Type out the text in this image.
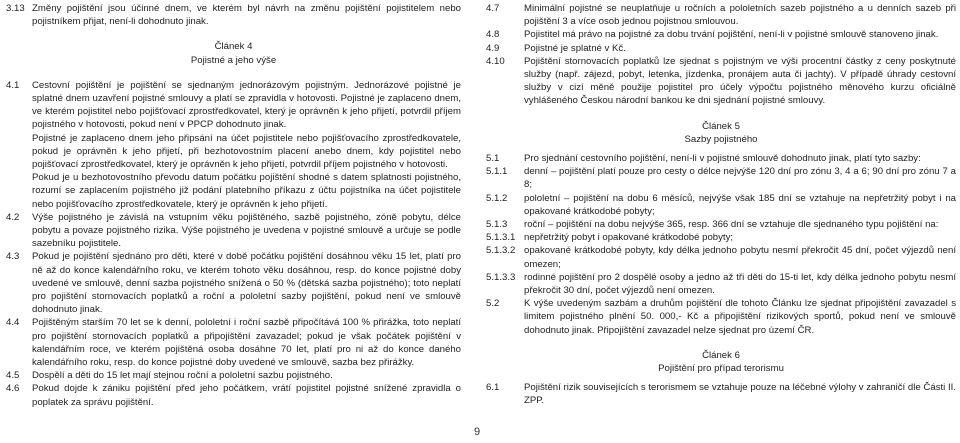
3.13 Změny pojištění jsou účinné dnem, ve kterém byl návrh na změnu pojištění pojistitelem nebo pojistníkem přijat, není-li dohodnuto jinak.
Článek 4
Pojistné a jeho výše
4.1	Cestovní pojištění je pojištění se sjednaným jednorázovým pojistným. Jednorázové pojistné je splatné dnem uzavření pojistné smlouvy a platí se zpravidla v hotovosti. Pojistné je zaplaceno dnem, ve kterém pojistitel nebo pojišťovací zprostředkovatel, který je oprávněn k jeho přijetí, potvrdil příjem pojistného v hotovosti, pokud není v PPCP dohodnuto jinak.
Pojistné je zaplaceno dnem jeho připsání na účet pojistitele nebo pojišťovacího zprostředkovatele, pokud je oprávněn k jeho přijetí, při bezhotovostním placení anebo dnem, kdy pojistitel nebo pojišťovací zprostředkovatel, který je oprávněn k jeho přijetí, potvrdil příjem pojistného v hotovosti.
Pokud je u bezhotovostního převodu datum počátku pojištění shodné s datem splatnosti pojistného, rozumí se zaplacením pojistného již podání platebního příkazu z účtu pojistníka na účet pojistitele nebo pojišťovacího zprostředkovatele, který je oprávněn k jeho přijetí.
4.2	Výše pojistného je závislá na vstupním věku pojištěného, sazbě pojistného, zóně pobytu, délce pobytu a povaze pojistného rizika. Výše pojistného je uvedena v pojistné smlouvě a určuje se podle sazebníku pojistitele.
4.3	Pokud je pojištění sjednáno pro děti, které v době počátku pojištění dosáhnou věku 15 let, platí pro ně až do konce kalendářního roku, ve kterém tohoto věku dosáhnou, resp. do konce pojistné doby uvedené ve smlouvě, denní sazba pojistného snížená o 50 % (dětská sazba pojistného); toto neplatí pro pojištění stornovacích poplatků a roční a pololetní sazby pojištění, pokud není ve smlouvě dohodnuto jinak.
4.4	Pojištěným starším 70 let se k denní, pololetní i roční sazbě připočítává 100 % přirážka, toto neplatí pro pojištění stornovacích poplatků a připojištění zavazadel; pokud je však počátek pojištění v kalendářním roce, ve kterém pojištěná osoba dosáhne 70 let, platí pro ni až do konce daného kalendářního roku, resp. do konce pojistné doby uvedené ve smlouvě, sazba bez přirážky.
4.5	Dospělí a děti do 15 let mají stejnou roční a pololetní sazbu pojistného.
4.6	Pokud dojde k zániku pojištění před jeho počátkem, vrátí pojistitel pojistné snížené zpravidla o poplatek za správu pojištění.
4.7	Minimální pojistné se neuplatňuje u ročních a pololetních sazeb pojistného a u denních sazeb při pojištění 3 a více osob jednou pojistnou smlouvou.
4.8	Pojistitel má právo na pojistné za dobu trvání pojištění, není-li v pojistné smlouvě stanoveno jinak.
4.9	Pojistné je splatné v Kč.
4.10	Pojištění stornovacích poplatků lze sjednat s pojistným ve výši procentní částky z ceny poskytnuté služby (např. zájezd, pobyt, letenka, jízdenka, pronájem auta či jachty). V případě úhrady cestovní služby v cizí měně použije pojistitel pro účely výpočtu pojistného měnového kurzu oficiálně vyhlášeného Českou národní bankou ke dni sjednání pojistné smlouvy.
Článek 5
Sazby pojistného
5.1	Pro sjednání cestovního pojištění, není-li v pojistné smlouvě dohodnuto jinak, platí tyto sazby:
5.1.1	denní – pojištění platí pouze pro cesty o délce nejvýše 120 dní pro zónu 3, 4 a 6; 90 dní pro zónu 7 a 8;
5.1.2	pololetní – pojištění na dobu 6 měsíců, nejvýše však 185 dní se vztahuje na nepřetržitý pobyt i na opakované krátkodobé pobyty;
5.1.3	roční – pojištění na dobu nejvýše 365, resp. 366 dní se vztahuje dle sjednaného typu pojištění na:
5.1.3.1 nepřetržitý pobyt i opakované krátkodobé pobyty;
5.1.3.2 opakované krátkodobé pobyty, kdy délka jednoho pobytu nesmí překročit 45 dní, počet výjezdů není omezen;
5.1.3.3 rodinné pojištění pro 2 dospělé osoby a jedno až tři děti do 15-ti let, kdy délka jednoho pobytu nesmí překročit 30 dní, počet výjezdů není omezen.
5.2	K výše uvedeným sazbám a druhům pojištění dle tohoto Článku lze sjednat připojištění zavazadel s limitem pojistného plnění 50. 000,- Kč a připojištění rizikových sportů, pokud není ve smlouvě dohodnuto jinak. Připojištění zavazadel nelze sjednat pro území ČR.
Článek 6
Pojištění pro případ terorismu
6.1	Pojištění rizik souvisejících s terorismem se vztahuje pouze na léčebné výlohy v zahraničí dle Části II. ZPP.
9
